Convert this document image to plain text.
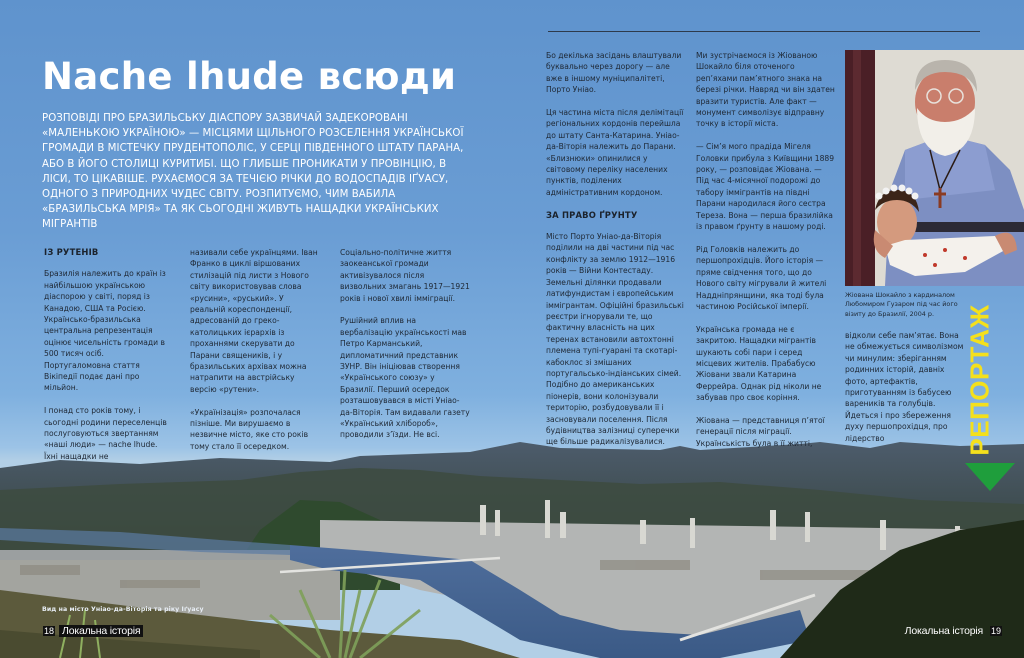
Nache lhude всюди

РОЗПОВІДІ ПРО БРАЗИЛЬСЬКУ ДІАСПОРУ ЗАЗВИЧАЙ ЗАДЕКОРОВАНІ «МАЛЕНЬКОЮ УКРАЇНОЮ» — МІСЦЯМИ ЩІЛЬНОГО РОЗСЕЛЕННЯ УКРАЇНСЬКОЇ ГРОМАДИ В МІСТЕЧКУ ПРУДЕНТОПОЛІС, У СЕРЦІ ПІВДЕННОГО ШТАТУ ПАРАНА, АБО В ЙОГО СТОЛИЦІ КУРИТИБІ. ЩО ГЛИБШЕ ПРОНИКАТИ У ПРОВІНЦІЮ, В ЛІСИ, ТО ЦІКАВІШЕ. РУХАЄМОСЯ ЗА ТЕЧІЄЮ РІЧКИ ДО ВОДОСПАДІВ ІҐУАСУ, ОДНОГО З ПРИРОДНИХ ЧУДЕС СВІТУ. РОЗПИТУЄМО, ЧИМ ВАБИЛА «БРАЗИЛЬСЬКА МРІЯ» ТА ЯК СЬОГОДНІ ЖИВУТЬ НАЩАДКИ УКРАЇНСЬКИХ МІГРАНТІВ

ІЗ РУТЕНІВ

Бразилія належить до країн із найбільшою українською діаспорою у світі, поряд із Канадою, США та Росією. Українсько-бразильська центральна репрезентація оцінює чисельність громади в 500 тисяч осіб. Португаломовна стаття Вікіпедії подає дані про мільйон.

І понад сто років тому, і сьогодні родини переселенців послуговуються звертанням «наші люди» — nache lhude. Їхні нащадки не

називали себе українцями. Іван Франко в циклі віршованих стилізацій під листи з Нового світу використовував слова «русини», «руський». У реальній кореспонденції, адресованій до греко-католицьких ієрархів із проханнями скерувати до Парани священиків, і у бразильських архівах можна натрапити на австрійську версію «рутени».

«Українізація» розпочалася пізніше. Ми вирушаємо в незвичне місто, яке сто років тому стало її осередком.

Соціально-політичне життя заокеанської громади активізувалося після визвольних змагань 1917—1921 років і нової хвилі імміграції.

Рушійний вплив на вербалізацію українськості мав Петро Карманський, дипломатичний представник ЗУНР. Він ініціював створення «Українського союзу» у Бразилії. Перший осередок розташовувався в місті Уніао-да-Віторія. Там видавали газету «Український хлібороб», проводили з’їзди. Не всі.

Вид на місто Уніао-да-Віторія та ріку Іґуасу
18 Локальна історія

Бо декілька засідань влаштували буквально через дорогу — але вже в іншому муніципалітеті, Порто Уніао.

Ця частина міста після делімітації регіональних кордонів перейшла до штату Санта-Катарина. Уніао-да-Віторія належить до Парани. «Близнюки» опинилися у світовому переліку населених пунктів, поділених адміністративним кордоном.

ЗА ПРАВО ҐРУНТУ

Місто Порто Уніао-да-Віторія поділили на дві частини під час конфлікту за землю 1912—1916 років — Війни Контестаду. Земельні ділянки продавали латифундистам і європейським іммігрантам. Офіційні бразильські реєстри ігнорували те, що фактичну власність на цих теренах встановили автохтонні племена тупі-гуарані та скотарі-кабоклос зі змішаних португальсько-індіанських сімей. Подібно до американських піонерів, вони колонізували територію, розбудовували її і засновували поселення. Після будівництва залізниці суперечки ще більше радикалізувалися.

Ми зустрічаємося із Жіованою Шокайло біля оточеного реп’яхами пам’ятного знака на березі річки. Навряд чи він здатен вразити туристів. Але факт — монумент символізує відправну точку в історії міста.

— Сім’я мого прадіда Мігеля Головки прибула з Київщини 1889 року, — розповідає Жіована. — Під час 4-місячної подорожі до табору іммігрантів на півдні Парани народилася його сестра Тереза. Вона — перша бразилійка із правом ґрунту в нашому роді.

Рід Головків належить до першопрохідців. Його історія — пряме свідчення того, що до Нового світу мігрували й жителі Наддніпрянщини, яка тоді була частиною Російської імперії.

Українська громада не є закритою. Нащадки мігрантів шукають собі пари і серед місцевих жителів. Прабабусю Жіовани звали Катарина Феррейра. Однак рід ніколи не забував про своє коріння.

Жіована — представниця п’ятої генерації після міграції. Українськість була в її житті,

Жіована Шокайло з кардиналом Любомиром Гузаром під час його візиту до Бразилії, 2004 р.

відколи себе пам’ятає. Вона не обмежується символізмом чи минулим: зберіганням родинних історій, давніх фото, артефактів, приготуванням із бабусею вареників та голубців. Йдеться і про збереження духу першопрохідця, про лідерство	РЕПОРТАЖ
Локальна історія 19
